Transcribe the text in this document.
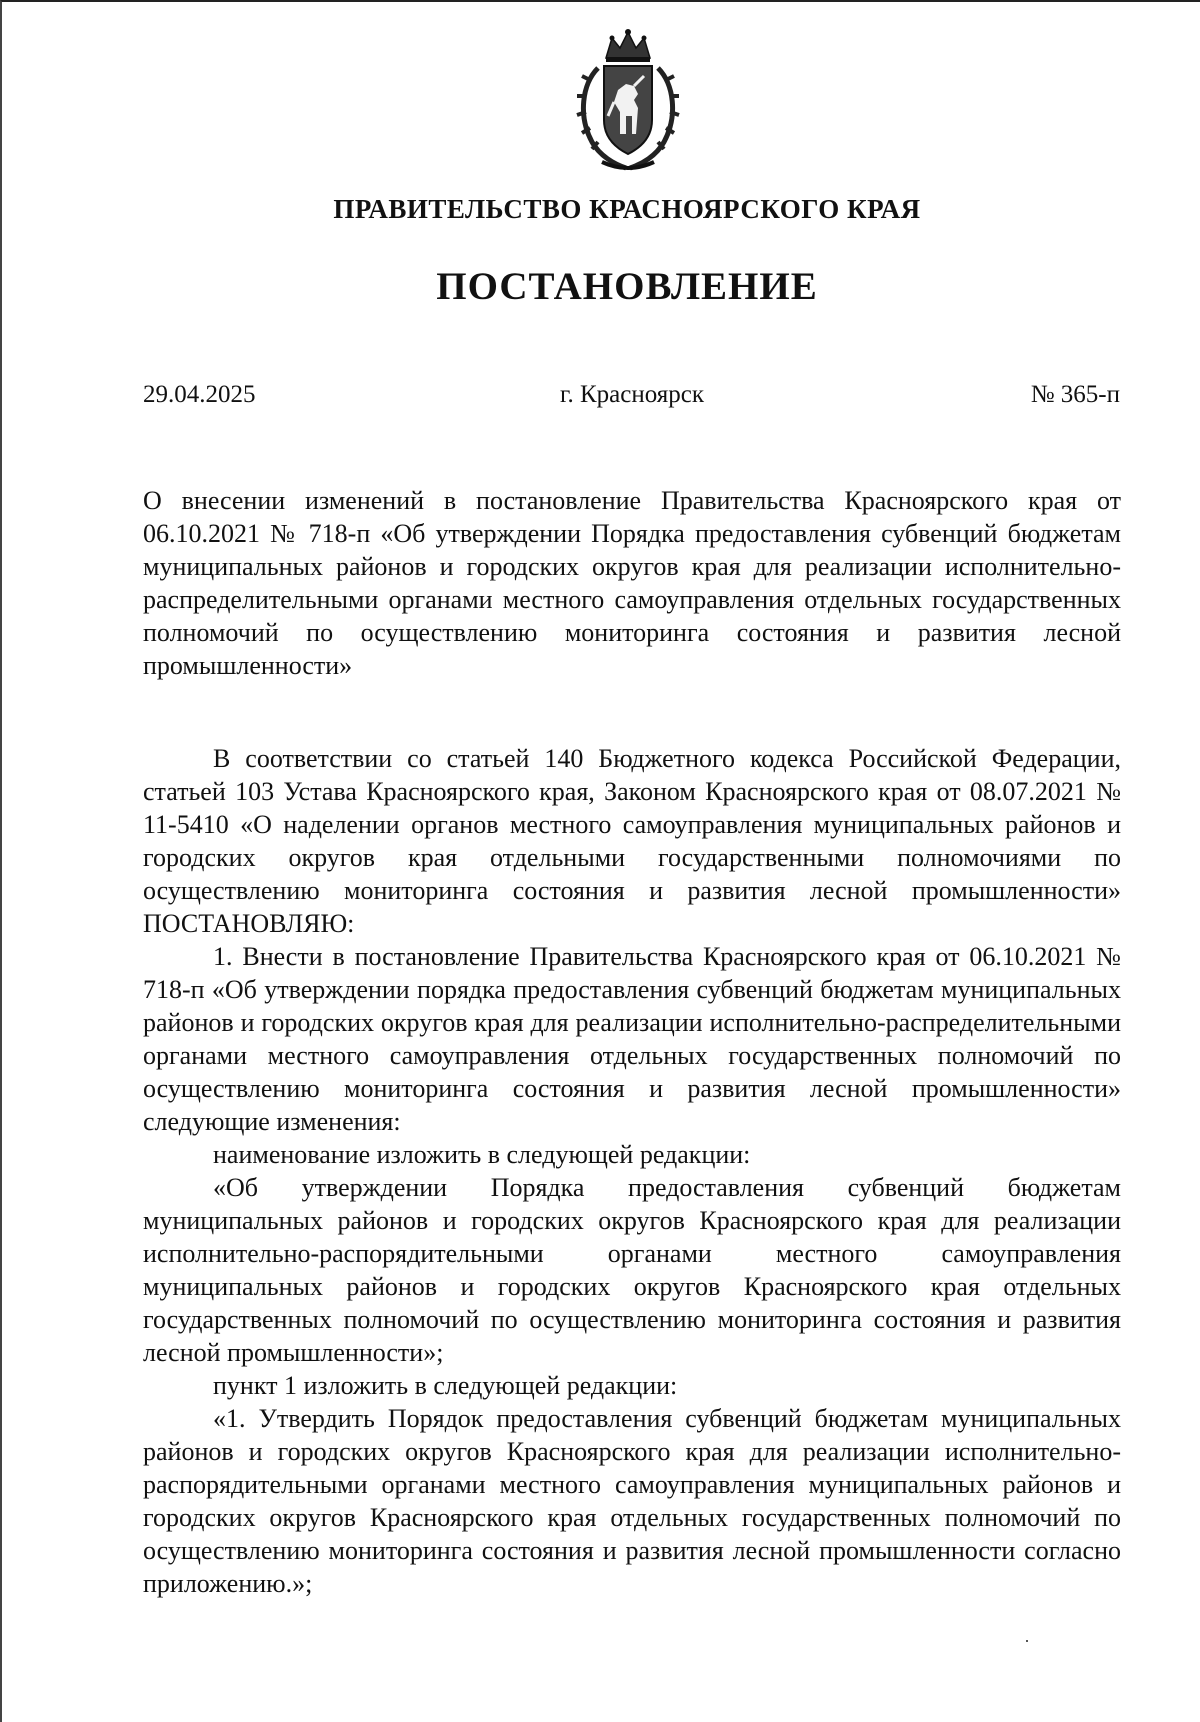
ПРАВИТЕЛЬСТВО КРАСНОЯРСКОГО КРАЯ
ПОСТАНОВЛЕНИЕ
29.04.2025	г. Красноярск	№ 365-п

О внесении изменений в постановление Правительства Красноярского края от 06.10.2021 № 718-п «Об утверждении Порядка предоставления субвенций бюджетам муниципальных районов и городских округов края для реализации исполнительно-распределительными органами местного самоуправления отдельных государственных полномочий по осуществлению мониторинга состояния и развития лесной промышленности»

В соответствии со статьей 140 Бюджетного кодекса Российской Федерации, статьей 103 Устава Красноярского края, Законом Красноярского края от 08.07.2021 № 11-5410 «О наделении органов местного самоуправления муниципальных районов и городских округов края отдельными государственными полномочиями по осуществлению мониторинга состояния и развития лесной промышленности» ПОСТАНОВЛЯЮ:

1. Внести в постановление Правительства Красноярского края от 06.10.2021 № 718-п «Об утверждении порядка предоставления субвенций бюджетам муниципальных районов и городских округов края для реализации исполнительно-распределительными органами местного самоуправления отдельных государственных полномочий по осуществлению мониторинга состояния и развития лесной промышленности» следующие изменения:

наименование изложить в следующей редакции:

«Об утверждении Порядка предоставления субвенций бюджетам муниципальных районов и городских округов Красноярского края для реализации исполнительно-распорядительными органами местного самоуправления муниципальных районов и городских округов Красноярского края отдельных государственных полномочий по осуществлению мониторинга состояния и развития лесной промышленности»;

пункт 1 изложить в следующей редакции:

«1. Утвердить Порядок предоставления субвенций бюджетам муниципальных районов и городских округов Красноярского края для реализации исполнительно-распорядительными органами местного самоуправления муниципальных районов и городских округов Красноярского края отдельных государственных полномочий по осуществлению мониторинга состояния и развития лесной промышленности согласно приложению.»;
